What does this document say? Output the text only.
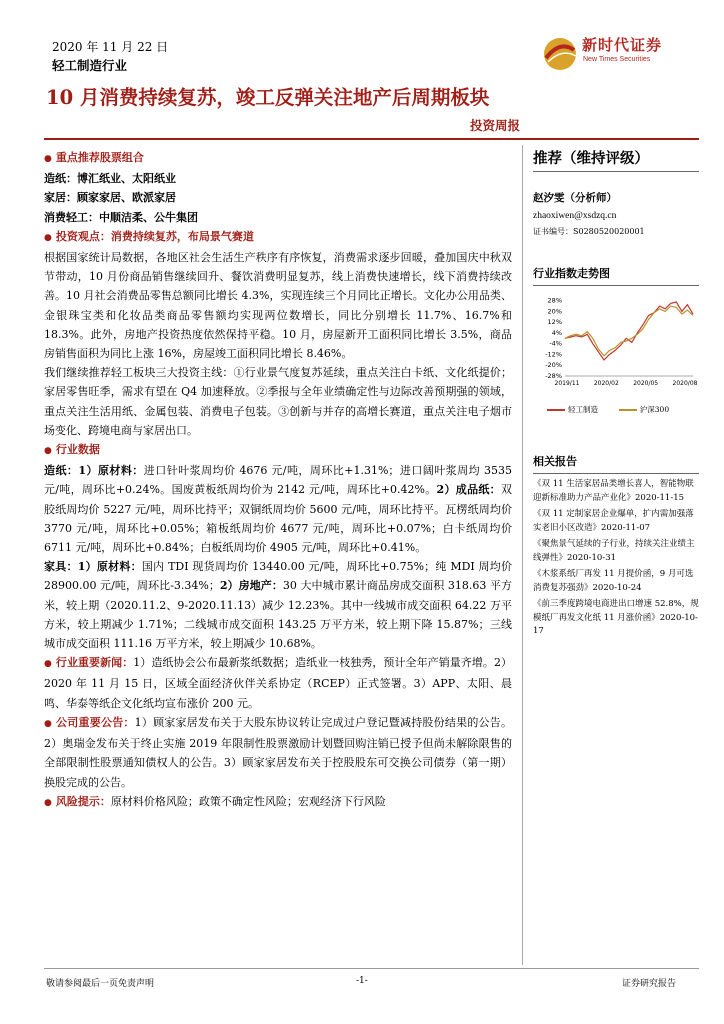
2020 年 11 月 22 日
轻工制造行业
新时代证券
New Times Securities
10 月消费持续复苏，竣工反弹关注地产后周期板块
投资周报

● 重点推荐股票组合

造纸：博汇纸业、太阳纸业

家居：顾家家居、欧派家居

消费轻工：中顺洁柔、公牛集团

● 投资观点：消费持续复苏，布局景气赛道

根据国家统计局数据，各地区社会生活生产秩序有序恢复，消费需求逐步回暖，叠加国庆中秋双节带动，10 月份商品销售继续回升、餐饮消费明显复苏，线上消费快速增长，线下消费持续改善。10 月社会消费品零售总额同比增长 4.3%，实现连续三个月同比正增长。文化办公用品类、金银珠宝类和化妆品类商品零售额均实现两位数增长，同比分别增长 11.7%、16.7%和 18.3%。此外，房地产投资热度依然保持平稳。10 月，房屋新开工面积同比增长 3.5%，商品房销售面积为同比上涨 16%，房屋竣工面积同比增长 8.46%。

我们继续推荐轻工板块三大投资主线：①行业景气度复苏延续，重点关注白卡纸、文化纸提价；家居零售旺季，需求有望在 Q4 加速释放。②季报与全年业绩确定性与边际改善预期强的领域，重点关注生活用纸、金属包装、消费电子包装。③创新与并存的高增长赛道，重点关注电子烟市场变化、跨境电商与家居出口。

● 行业数据

造纸：1）原材料：进口针叶浆周均价 4676 元/吨，周环比+1.31%；进口阔叶浆周均 3535 元/吨，周环比+0.24%。国废黄板纸周均价为 2142 元/吨，周环比+0.42%。2）成品纸：双胶纸周均价 5227 元/吨，周环比持平；双铜纸周均价 5600 元/吨，周环比持平。瓦楞纸周均价 3770 元/吨，周环比+0.05%；箱板纸周均价 4677 元/吨，周环比+0.07%；白卡纸周均价 6711 元/吨，周环比+0.84%；白板纸周均价 4905 元/吨，周环比+0.41%。

家具：1）原材料：国内 TDI 现货周均价 13440.00 元/吨，周环比+0.75%；纯 MDI 周均价 28900.00 元/吨，周环比-3.34%；2）房地产：30 大中城市累计商品房成交面积 318.63 平方米，较上期（2020.11.2、9-2020.11.13）减少 12.23%。其中一线城市成交面积 64.22 万平方米，较上期减少 1.71%；二线城市成交面积 143.25 万平方米，较上期下降 15.87%；三线城市成交面积 111.16 万平方米，较上期减少 10.68%。

● 行业重要新闻：1）造纸协会公布最新浆纸数据；造纸业一枝独秀，预计全年产销量齐增。2）2020 年 11 月 15 日，区域全面经济伙伴关系协定（RCEP）正式签署。3）APP、太阳、晨鸣、华泰等纸企文化纸均宣布涨价 200 元。

● 公司重要公告：1）顾家家居发布关于大股东协议转让完成过户登记暨减持股份结果的公告。2）奥瑞金发布关于终止实施 2019 年限制性股票激励计划暨回购注销已授予但尚未解除限售的全部限制性股票通知债权人的公告。3）顾家家居发布关于控股股东可交换公司债券（第一期）换股完成的公告。

● 风险提示：原材料价格风险；政策不确定性风险；宏观经济下行风险

推荐（维持评级）
赵汐雯（分析师）
zhaoxiwen@xsdzq.cn
证书编号：S0280520020001
行业指数走势图
28%
20%
12%
4%
-4%
-12%
-20%
-28%
2019/11 2020/02 2020/05 2020/08
轻工制造	沪深300
相关报告
《双 11 生活家居品类增长喜人，智能物联迎新标准助力产品产业化》2020-11-15
《双 11 定制家居企业爆单，扩内需加强落实老旧小区改造》2020-11-07
《聚焦景气延续的子行业，持续关注业绩主线弹性》2020-10-31
《木浆系纸厂再发 11 月提价函，9 月可选消费复苏强劲》2020-10-24
《前三季度跨境电商进出口增速 52.8%，规模纸厂再发文化纸 11 月涨价函》2020-10-17
敬请参阅最后一页免责声明	-1-	证券研究报告
